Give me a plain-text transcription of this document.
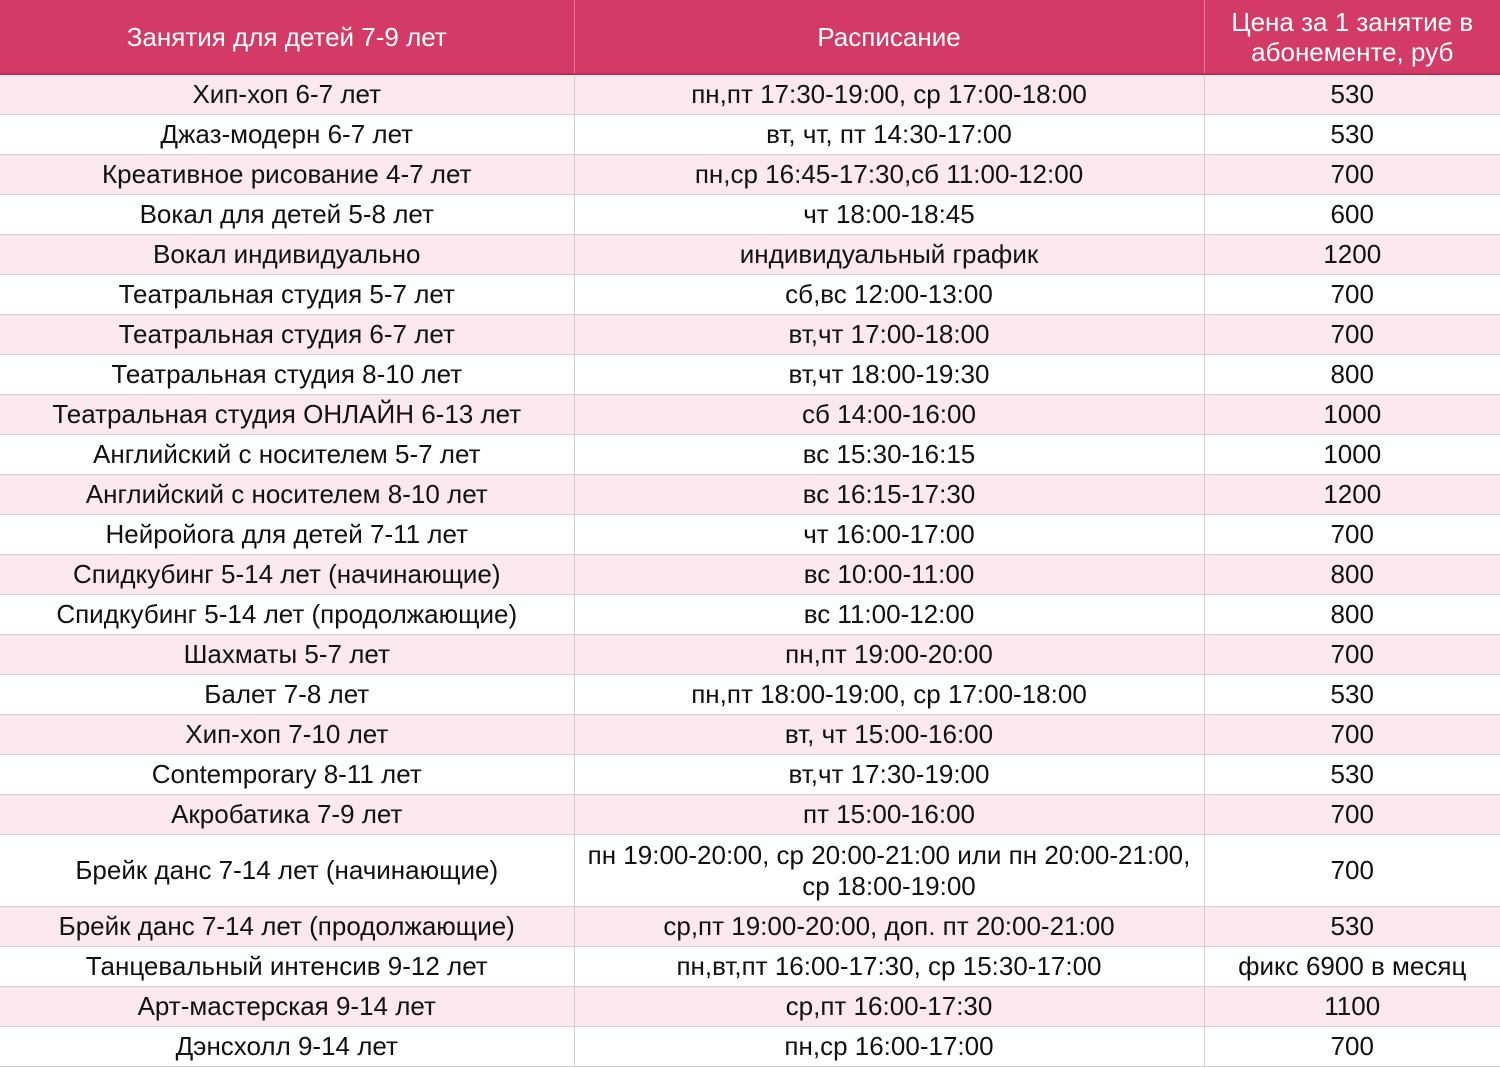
Занятия для детей 7-9 лет	Расписание	Цена за 1 занятие в абонементе, руб
Хип-хоп 6-7 лет	пн,пт 17:30-19:00, ср 17:00-18:00	530
Джаз-модерн 6-7 лет	вт, чт, пт 14:30-17:00	530
Креативное рисование 4-7 лет	пн,ср 16:45-17:30,сб 11:00-12:00	700
Вокал для детей 5-8 лет	чт 18:00-18:45	600
Вокал индивидуально	индивидуальный график	1200
Театральная студия 5-7 лет	сб,вс 12:00-13:00	700
Театральная студия 6-7 лет	вт,чт 17:00-18:00	700
Театральная студия 8-10 лет	вт,чт 18:00-19:30	800
Театральная студия ОНЛАЙН 6-13 лет	сб 14:00-16:00	1000
Английский с носителем 5-7 лет	вс 15:30-16:15	1000
Английский с носителем 8-10 лет	вс 16:15-17:30	1200
Нейройога для детей 7-11 лет	чт 16:00-17:00	700
Спидкубинг 5-14 лет (начинающие)	вс 10:00-11:00	800
Спидкубинг 5-14 лет (продолжающие)	вс 11:00-12:00	800
Шахматы 5-7 лет	пн,пт 19:00-20:00	700
Балет 7-8 лет	пн,пт 18:00-19:00, ср 17:00-18:00	530
Хип-хоп 7-10 лет	вт, чт 15:00-16:00	700
Contemporary 8-11 лет	вт,чт 17:30-19:00	530
Акробатика 7-9 лет	пт 15:00-16:00	700
Брейк данс 7-14 лет (начинающие)	пн 19:00-20:00, ср 20:00-21:00 или пн 20:00-21:00, ср 18:00-19:00	700
Брейк данс 7-14 лет (продолжающие)	ср,пт 19:00-20:00, доп. пт 20:00-21:00	530
Танцевальный интенсив 9-12 лет	пн,вт,пт 16:00-17:30, ср 15:30-17:00	фикс 6900 в месяц
Арт-мастерская 9-14 лет	ср,пт 16:00-17:30	1100
Дэнсхолл 9-14 лет	пн,ср 16:00-17:00	700
